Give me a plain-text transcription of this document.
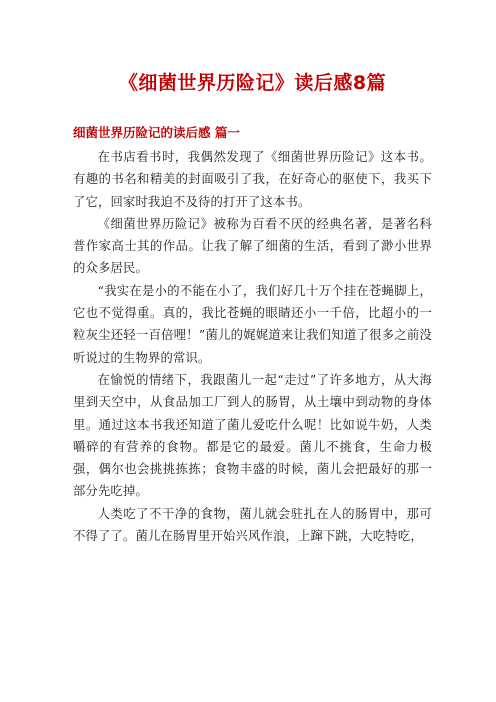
《细菌世界历险记》读后感8篇
细菌世界历险记的读后感 篇一

在书店看书时，我偶然发现了《细菌世界历险记》这本书。有趣的书名和精美的封面吸引了我，在好奇心的驱使下，我买下了它，回家时我迫不及待的打开了这本书。

《细菌世界历险记》被称为百看不厌的经典名著，是著名科普作家高士其的作品。让我了解了细菌的生活，看到了渺小世界的众多居民。

“我实在是小的不能在小了，我们好几十万个挂在苍蝇脚上，它也不觉得重。真的，我比苍蝇的眼睛还小一千倍，比超小的一粒灰尘还轻一百倍哩！”菌儿的娓娓道来让我们知道了很多之前没听说过的生物界的常识。

在愉悦的情绪下，我跟菌儿一起“走过”了许多地方，从大海里到天空中，从食品加工厂到人的肠胃，从土壤中到动物的身体里。通过这本书我还知道了菌儿爱吃什么呢！比如说牛奶，人类嚼碎的有营养的食物。都是它的最爱。菌儿不挑食，生命力极强，偶尔也会挑挑拣拣；食物丰盛的时候，菌儿会把最好的那一部分先吃掉。

人类吃了不干净的食物，菌儿就会驻扎在人的肠胃中，那可不得了了。菌儿在肠胃里开始兴风作浪，上蹿下跳，大吃特吃，
